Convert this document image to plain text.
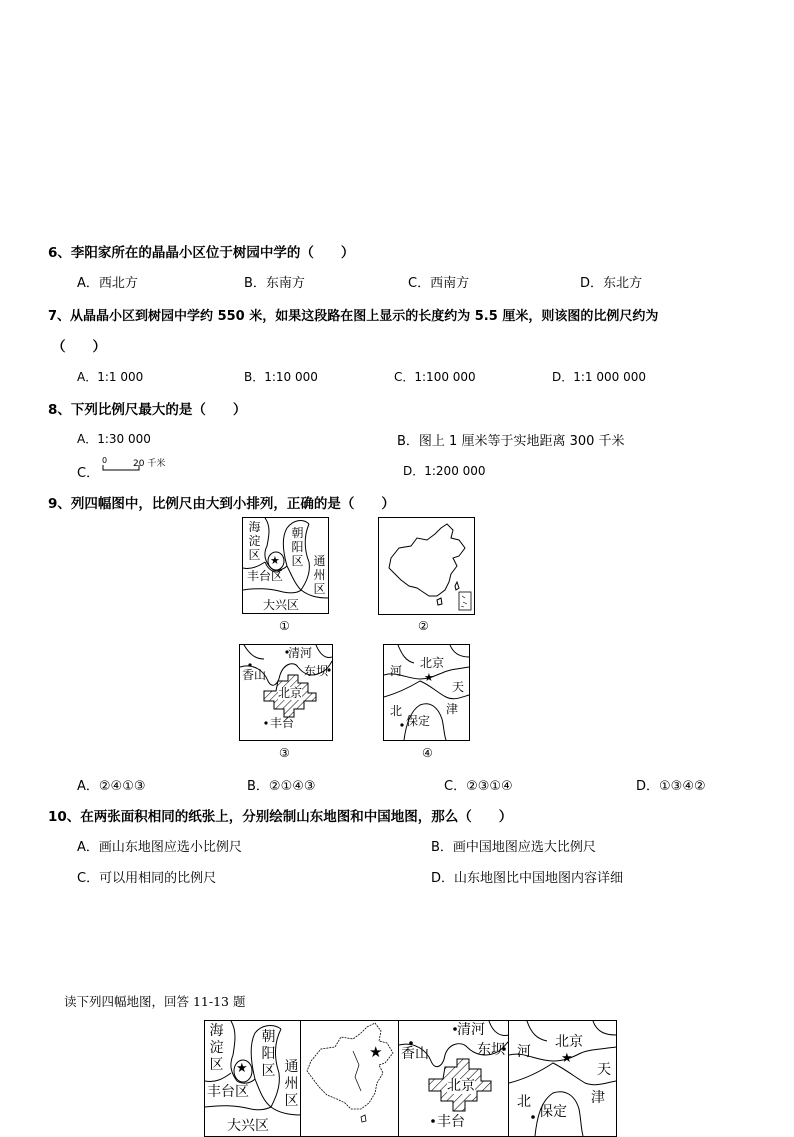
6、李阳家所在的晶晶小区位于树园中学的（　　）
A．西北方	B．东南方	C．西南方	D．东北方
7、从晶晶小区到树园中学约 550 米，如果这段路在图上显示的长度约为 5.5 厘米，则该图的比例尺约为
（　　）
A．1:1 000	B．1:10 000	C．1:100 000	D．1:1 000 000
8、下列比例尺最大的是（　　）
A．1:30 000	B．图上 1 厘米等于实地距离 300 千米
C．
0	20 千米	D．1:200 000
9、列四幅图中，比例尺由大到小排列，正确的是（　　）
海淀区
朝阳区 通州区
丰台区
大兴区
★
①	②
清河
东坝
香山
北京
丰台
③
河
北京
★
天
北	津
保定
④
A．②④①③	B．②①④③	C．②③①④	D．①③④②
10、在两张面积相同的纸张上，分别绘制山东地图和中国地图，那么（　　）
A．画山东地图应选小比例尺	B．画中国地图应选大比例尺
C．可以用相同的比例尺	D．山东地图比中国地图内容详细
读下列四幅地图，回答 11-13 题
海淀区
朝阳区 通州区
丰台区
大兴区
★
★
清河
东坝
香山
北京
丰台
河
北京
★
天
北	津
保定
